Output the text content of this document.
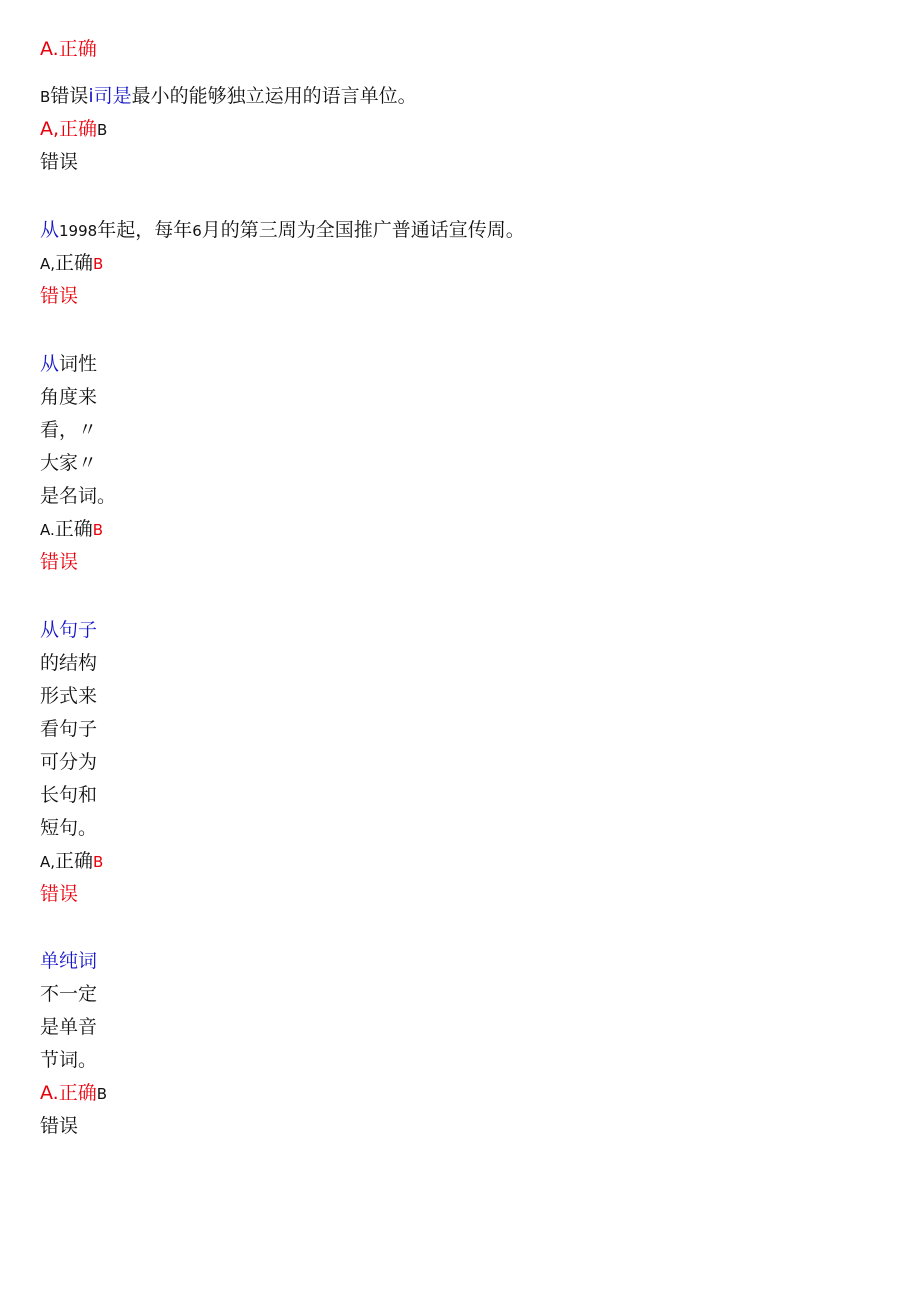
A.正确
B错误i司是最小的能够独立运用的语言单位。
A,正确B
错误
从1998年起，每年6月的第三周为全国推广普通话宣传周。
A,正确B
错误
从词性
角度来
看，〃
大家〃
是名词。
A.正确B
错误
从句子
的结构
形式来
看句子
可分为
长句和
短句。
A,正确B
错误
单纯词
不一定
是单音
节词。
A.正确B
错误
